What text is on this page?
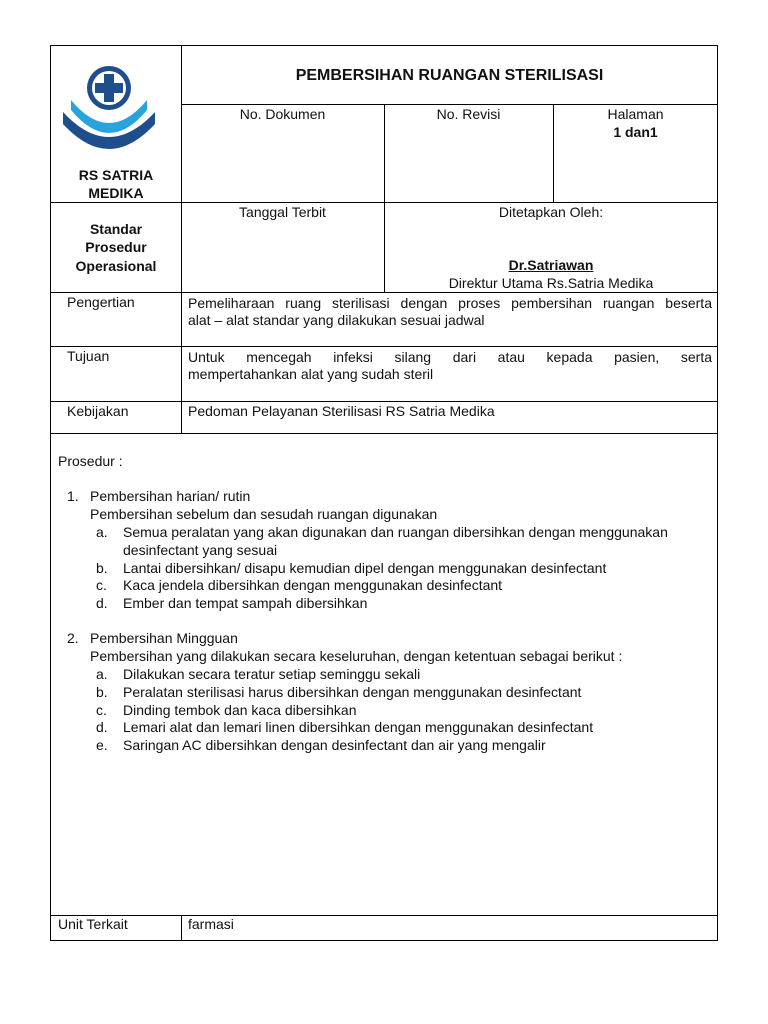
RS SATRIA
MEDIKA
PEMBERSIHAN RUANGAN STERILISASI
No. Dokumen	No. Revisi	Halaman
1 dan1
Standar
Prosedur
Operasional
Tanggal Terbit	Ditetapkan Oleh:
Dr.Satriawan
Direktur Utama Rs.Satria Medika
Pengertian	Pemeliharaan ruang sterilisasi dengan proses pembersihan ruangan beserta
alat – alat standar yang dilakukan sesuai jadwal
Tujuan	Untuk mencegah infeksi silang dari atau kepada pasien, serta
mempertahankan alat yang sudah steril
Kebijakan	Pedoman Pelayanan Sterilisasi RS Satria Medika
Prosedur :
1. Pembersihan harian/ rutin
Pembersihan sebelum dan sesudah ruangan digunakan
a. Semua peralatan yang akan digunakan dan ruangan dibersihkan dengan menggunakan
desinfectant yang sesuai
b. Lantai dibersihkan/ disapu kemudian dipel dengan menggunakan desinfectant
c. Kaca jendela dibersihkan dengan menggunakan desinfectant
d. Ember dan tempat sampah dibersihkan
2. Pembersihan Mingguan
Pembersihan yang dilakukan secara keseluruhan, dengan ketentuan sebagai berikut :
a. Dilakukan secara teratur setiap seminggu sekali
b. Peralatan sterilisasi harus dibersihkan dengan menggunakan desinfectant
c. Dinding tembok dan kaca dibersihkan
d. Lemari alat dan lemari linen dibersihkan dengan menggunakan desinfectant
e. Saringan AC dibersihkan dengan desinfectant dan air yang mengalir
Unit Terkait	farmasi
